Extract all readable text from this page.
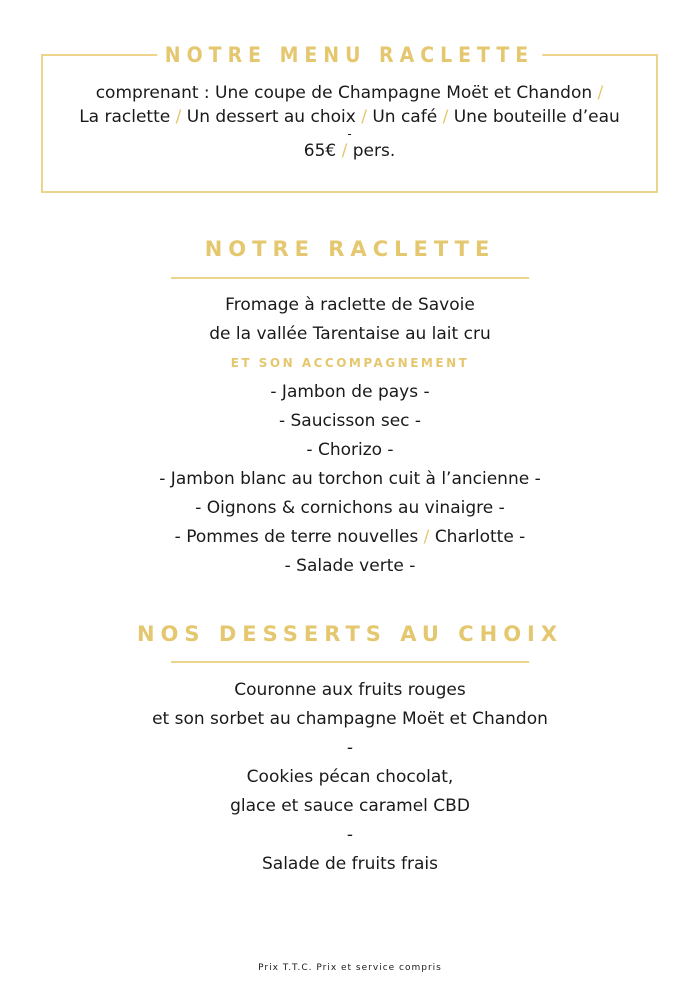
NOTRE MENU RACLETTE
comprenant : Une coupe de Champagne Moët et Chandon /
La raclette / Un dessert au choix / Un café / Une bouteille d’eau
-
65€ / pers.
NOTRE RACLETTE
Fromage à raclette de Savoie
de la vallée Tarentaise au lait cru
ET SON ACCOMPAGNEMENT
- Jambon de pays -
- Saucisson sec -
- Chorizo -
- Jambon blanc au torchon cuit à l’ancienne -
- Oignons & cornichons au vinaigre -
- Pommes de terre nouvelles / Charlotte -
- Salade verte -
NOS DESSERTS AU CHOIX
Couronne aux fruits rouges
et son sorbet au champagne Moët et Chandon
-
Cookies pécan chocolat,
glace et sauce caramel CBD
-
Salade de fruits frais
Prix T.T.C. Prix et service compris
